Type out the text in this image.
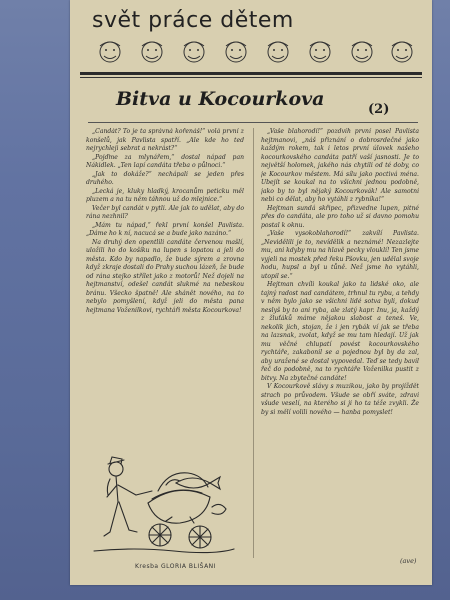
svět práce dětem
Bitva u Kocourkova	(2)

„Candát? To je ta správná kořenáš!“ volá první z konšelů, jak Pavlista spatří. „Ale kde ho teď nejrychleji sebrat a nekrást?“

„Pojďme za mlynářem,“ dostal nápad pan Nákidlek. „Ten lapí candáta třeba o půlnoci.“

„Jak to dokáže?“ nechápali se jeden přes druhého.

„Lecká je, kluky hladký, krocanům peticku měl pluzem a na tu něm táhnou už do mlejnice.“

Večer byl candát v pytli. Ale jak to udělat, aby do rána nezhnil?

„Mám tu nápad,“ řekl první konšel Pavlista. „Dáme ho k ní, nacucá se a bude jako nazáno.“

Na druhý den opentlili candáte červenou mašlí, uložili ho do košíku na lupen s lopatou a jeli do města. Kdo by napadlo, že bude sýrem a zrovna když zkraje dostali do Prahy suchou lázeň, že bude od rána stejko střílet jako z motorů! Než dojeli na hejtmanství, odešel candát slukmé na nebeskou bránu. Všecko špatně! Ale shánět nového, na to nebylo pomyšlení, když jeli do města pana hejtmana Voženilkovi, rychtáři města Kocourkova!

„Vaše blahorodí!“ pozdvih první posel Pavlista hejtmanovi, „náš přiznání o dobrosrdečné jako každým rokem, tak i letos první úlovek našeho kocourkovského candáta patří vaší jasnosti. Je to největší holomek, jakého nás chytili od té doby, co je Kocourkov městem. Má sílu jako poctivá ména. Ubejít se koukal na to všichni jednou podobně, jako by to byl nějaký Kocourkovák! Ale samotní nebi co dělat, aby ho vytáhli z rybníka!“

Hejtman sundá skřipec, přizvedne lupen, pitné přes do candáta, ale pro toho už si davno pomohu postal k oknu.

„Vaše vysokoblahorodí!“ zakvílí Pavlista. „Nevidělili je to, nevídělik a neznámé! Nezazlejte mu, ani kdyby mu na hlavě pecky vlouklí! Ten jsme vyjeli na mostek před řeku Pšovku, jen udělal svoje hodu, hupsl a byl u tůně. Než jsme ho vytáhli, utopil se.“

Hejtman chvíli koukal jako ta lidské oko, ale tajný radost nad candátem, trhnul tu rybu, a tehdy v něm bylo jako se všichni lidé sotva byli, dokud neslyš by to ani ryba, ale zlatý kapr. Inu, ja, každý z žluťáků máme nějakou slabost a teneš. Ve, nekolik jich, stojan, že i jen rybák ví jak se třeba na lazsnak, zvolat, když se mu tam hledají. Už jak mu věčné chlupatí povést kocourkovského rychtáře, zakabonil se a pojednou byl by da zal, aby uražené se dostal vypovedal. Teď se tedy bavil řeč do podobně, na to rychtáře Voženilka pustit z bitvy. Na zbytečné candáte!

V Kocourkově slávy s muzikou, jako by projíždět strach po průvodem. Všude se obří sváte, zdraví všude veselí, na kterého si ji ho ta téže zvykli. Že by si mělí volili nového — hanba pomyslet!

Kresba GLORIA BLIŠANI
(ave)
